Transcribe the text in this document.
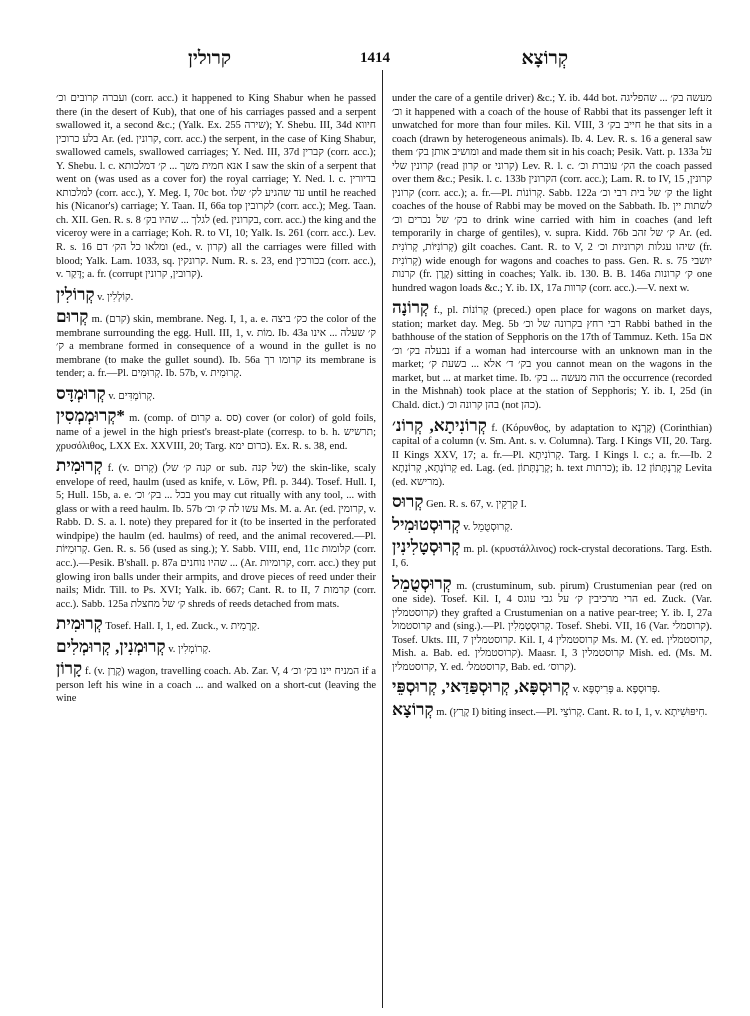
קרולין	1414	קְרוֹצָא

ועברה קרובים וכ׳ (corr. acc.) it happened to King Shabur when he passed there (in the desert of Kub), that one of his carriages passed and a serpent swallowed it, a second &c.; (Yalk. Ex. 255 שירה); Y. Shebu. III, 34d חיווא בלע כרוכין Ar. (ed. קרונין, corr. acc.) the serpent, in the case of King Shabur, swallowed camels, swallowed carriages; Y. Ned. III, 37d קברין (corr. acc.); Y. Shebu. l. c. אנא חמית משך ... ק׳ דמלכותא I saw the skin of a serpent that went on (was used as a cover for) the royal carriage; Y. Ned. l. c. בדיורין למלכותא (corr. acc.), Y. Meg. I, 70c bot. עד שהגיע לק׳ שלו until he reached his (Nicanor's) carriage; Y. Taan. II, 66a top לקרובין (corr. acc.); Meg. Taan. ch. XII. Gen. R. s. 8 לגלך ... שהיו בק׳ (ed. בקרונין, corr. acc.) the king and the viceroy were in a carriage; Koh. R. to VI, 10; Yalk. Is. 261 (corr. acc.). Lev. R. s. 16 ומלאו כל הק׳ דם (ed., v. קרון) all the carriages were filled with blood; Yalk. Lam. 1033, sq. קרונקין. Num. R. s. 23, end בכורכין (corr. acc.), v. דָּקַר; a. fr. (corrupt קרובין, קרונין).

קְרוֹלִין v. קוֹלְלִין.

קְרוּם m. (קרם) skin, membrane. Neg. I, 1, a. e. כק׳ ביצה the color of the membrane surrounding the egg. Hull. III, 1, v. מוֹת. Ib. 43a ק׳ שעלה ... אינו ק׳ a membrane formed in consequence of a wound in the gullet is no membrane (to make the gullet sound). Ib. 56a קרומו רך its membrane is tender; a. fr.—Pl. קְרוּמִים. Ib. 57b, v. קְרוּמִית.

קְרוּמְדָּס v. קְרוֹמְדִּים.

*קְרוּמְמְסִין m. (comp. of קרום a. סס) cover (or color) of gold foils, name of a jewel in the high priest's breast-plate (corresp. to b. h. תרשיש; χρυσόλιθος, LXX Ex. XXVIII, 20; Targ. כרום ימא). Ex. R. s. 38, end.

קְרוּמִית f. (v. קְרוּם) (קנה ק׳ של or sub. של קנה) the skin-like, scaly envelope of reed, haulm (used as knife, v. Löw, Pfl. p. 344). Tosef. Hull. I, 5; Hull. 15b, a. e. בכל ... בק׳ וכ׳ you may cut ritually with any tool, ... with glass or with a reed haulm. Ib. 57b עשו לה ק׳ וכ׳ Ms. M. a. Ar. (ed. קרומין, v. Rabb. D. S. a. l. note) they prepared for it (to be inserted in the perforated windpipe) the haulm (ed. haulms) of reed, and the animal recovered.—Pl. קְרוּמִיּוֹת. Gen. R. s. 56 (used as sing.); Y. Sabb. VIII, end, 11c קלומות (corr. acc.).—Pesik. B'shall. p. 87a שהיו נוחנים ... (Ar. קרומיות, corr. acc.) they put glowing iron balls under their armpits, and drove pieces of reed under their nails; Midr. Till. to Ps. XVI; Yalk. ib. 667; Cant. R. to II, 7 קרמות (corr. acc.). Sabb. 125a ק׳ של מחצלת shreds of reeds detached from mats.

קְרוּמִית Tosef. Hall. I, 1, ed. Zuck., v. קְרָמִית.

קְרוּמְנִין, קְרוּמְלִים v. קְרוֹמְלִין.

קָרוֹן f. (v. קָרַן) wagon, travelling coach. Ab. Zar. V, 4 המניח יינו בק׳ וכ׳ if a person left his wine in a coach ... and walked on a short-cut (leaving the wine

under the care of a gentile driver) &c.; Y. ib. 44d bot. מעשה בק׳ ... שהפליגה וכ׳ it happened with a coach of the house of Rabbi that its passenger left it unwatched for more than four miles. Kil. VIII, 3 חייב בק׳ he that sits in a coach (drawn by heterogeneous animals). Ib. 4. Lev. R. s. 16 a general saw them ומושיב אותן בק׳ and made them sit in his coach; Pesik. Vatt. p. 133a על קרונין שלי (read קרון or קרוני) Lev. R. l. c. הק׳ עוברת וכ׳ the coach passed over them &c.; Pesik. l. c. 133b הקרונין (corr. acc.); Lam. R. to IV, 15 קרונין, קרונין (corr. acc.); a. fr.—Pl. קְרוֹנוֹת. Sabb. 122a ק׳ של בית רבי וכ׳ the light coaches of the house of Rabbi may be moved on the Sabbath. Ib. לשתות יין בק׳ של נכרים וכ׳ to drink wine carried with him in coaches (and left temporarily in charge of gentiles), v. supra. Kidd. 76b ק׳ של זהב Ar. (ed. קְרוֹנִיּוֹת, קְרוֹנִית) gilt coaches. Cant. R. to V, 2 שיהו עגלות וקרוניות וכ׳ (fr. קְרוֹנִית) wide enough for wagons and coaches to pass. Gen. R. s. 75 יושבי קרנות (fr. קֶרֶן) sitting in coaches; Yalk. ib. 130. B. B. 146a ק׳ קרונות one hundred wagon loads &c.; Y. ib. IX, 17a קרוות (corr. acc.).—V. next w.

קְרוֹנָה f., pl. קְרוֹנוֹת (preced.) open place for wagons on market days, station; market day. Meg. 5b רבי רחץ בקרונה של וכ׳ Rabbi bathed in the bathhouse of the station of Sepphoris on the 17th of Tammuz. Keth. 15a אם נבעלה בק׳ וכ׳ if a woman had intercourse with an unknown man in the market; בק׳ ד׳ אלא ... בשעת ק׳ you cannot mean on the wagons in the market, but ... at market time. Ib. הוה מעשה ... בק׳ the occurrence (recorded in the Mishnah) took place at the station of Sepphoris; Y. ib. I, 25d (in Chald. dict.) בהן קרונה וכ׳ (not כהן).

קְרוֹנִיתָא, קְרוֹנ׳ f. (Κόρυνθος, by adaptation to קְרָנָא) (Corinthian) capital of a column (v. Sm. Ant. s. v. Columna). Targ. I Kings VII, 20. Targ. II Kings XXV, 17; a. fr.—Pl. קְרוֹנִיתָא. Targ. I Kings l. c.; a. fr.—Ib. 2 קְרוֹנָתָא, קְרוֹנָתָא ed. Lag. (ed. קְרַנְתָּתוֹן; h. text כרתות); ib. 12 קְרַנְתָּתוֹן Levita (ed. מרישא).

קְרוּס Gen. R. s. 67, v. קִרְקֵין I.

קְרוּסְטוּמִיל v. קְרוּסְטֻמֵל.

קְרוּסְטָלִינִין m. pl. (κρυστάλλινος) rock-crystal decorations. Targ. Esth. I, 6.

קְרוּסְטֻמֵל m. (crustuminum, sub. pirum) Crustumenian pear (red on one side). Tosef. Kil. I, 4 הרי מרכיבין ק׳ על גבי עוגס ed. Zuck. (Var. קרוסטמלין) they grafted a Crustumenian on a native pear-tree; Y. ib. I, 27a קרוסטמול and (sing.).—Pl. קְרוּסְטָמִלִין. Tosef. Shebi. VII, 16 (Var. קרוסמלי). Tosef. Ukts. III, 7 קרוסטמלין. Kil. I, 4 קרוסטמלין Ms. M. (Y. ed. קרוסטמלין, Mish. a. Bab. ed. קרוסטמלין). Maasr. I, 3 קרוסטמלין Mish. ed. (Ms. M. קרוסטמלין, Y. ed. קרוסטמל׳, Bab. ed. קרוס׳).

קְרוּסְפָּא, קְרוּסְפַּדַּאי, קְרוּסְפֵּי v. פְּרִיסְפָּא a. פְּרוּסְפָּא.

קְרוֹצָא m. (קָרַץ I) biting insect.—Pl. קְרוֹצֵי. Cant. R. to I, 1, v. חִיפּוּשִׁיתָא.
